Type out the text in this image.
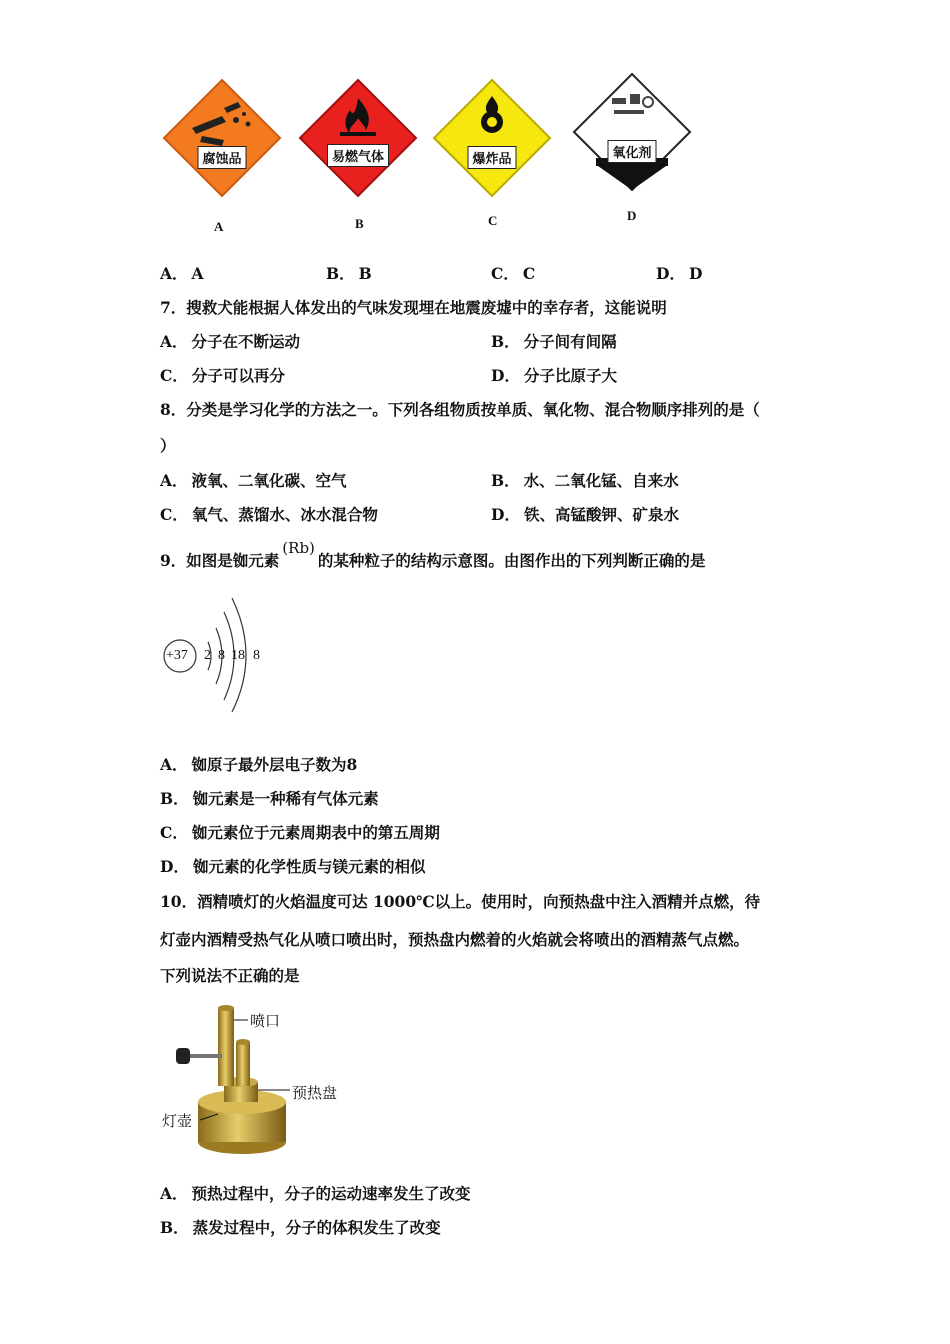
腐蚀品	易燃气体	爆炸品	氧化剂
A	B	C	D
A． A	B． B	C． C	D． D
7．搜救犬能根据人体发出的气味发现埋在地震废墟中的幸存者，这能说明
A． 分子在不断运动	B． 分子间有间隔
C． 分子可以再分	D． 分子比原子大
8．分类是学习化学的方法之一。下列各组物质按单质、氧化物、混合物顺序排列的是（
）
A． 液氧、二氧化碳、空气	B． 水、二氧化锰、自来水
C． 氧气、蒸馏水、冰水混合物	D． 铁、高锰酸钾、矿泉水
9．如图是铷元素(Rb)的某种粒子的结构示意图。由图作出的下列判断正确的是
+37 2 8 18 8
A． 铷原子最外层电子数为8
B． 铷元素是一种稀有气体元素
C． 铷元素位于元素周期表中的第五周期
D． 铷元素的化学性质与镁元素的相似
10．酒精喷灯的火焰温度可达 1000℃以上。使用时，向预热盘中注入酒精并点燃，待
灯壶内酒精受热气化从喷口喷出时，预热盘内燃着的火焰就会将喷出的酒精蒸气点燃。
下列说法不正确的是
喷口
预热盘
灯壶
A． 预热过程中，分子的运动速率发生了改变
B． 蒸发过程中，分子的体积发生了改变
